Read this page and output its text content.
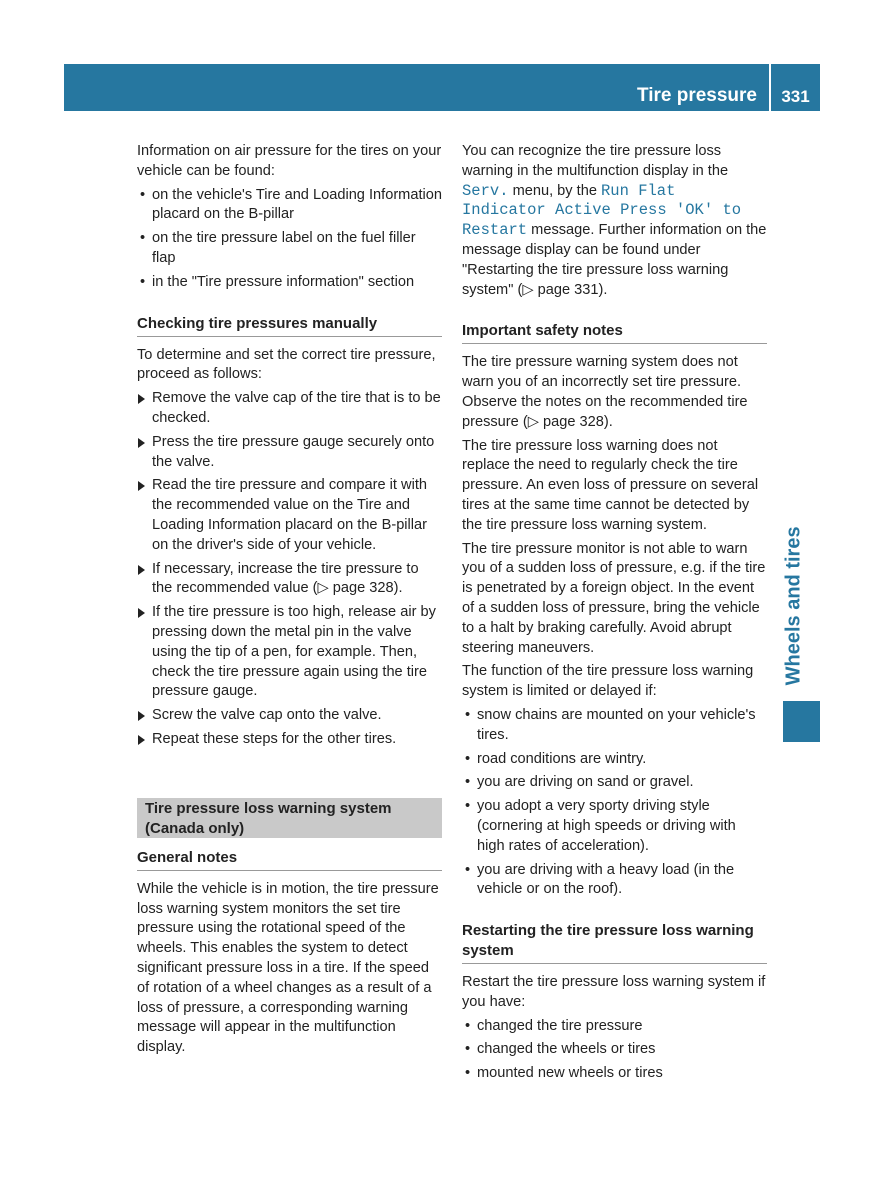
Tire pressure	331
Wheels and tires

Information on air pressure for the tires on your vehicle can be found:

• on the vehicle's Tire and Loading Information placard on the B-pillar
• on the tire pressure label on the fuel filler flap
• in the "Tire pressure information" section
Checking tire pressures manually

To determine and set the correct tire pressure, proceed as follows:

Remove the valve cap of the tire that is to be checked.
Press the tire pressure gauge securely onto the valve.
Read the tire pressure and compare it with the recommended value on the Tire and Loading Information placard on the B-pillar on the driver's side of your vehicle.
If necessary, increase the tire pressure to the recommended value (▷ page 328).
If the tire pressure is too high, release air by pressing down the metal pin in the valve using the tip of a pen, for example. Then, check the tire pressure again using the tire pressure gauge.
Screw the valve cap onto the valve.
Repeat these steps for the other tires.
Tire pressure loss warning system (Canada only)
General notes

While the vehicle is in motion, the tire pressure loss warning system monitors the set tire pressure using the rotational speed of the wheels. This enables the system to detect significant pressure loss in a tire. If the speed of rotation of a wheel changes as a result of a loss of pressure, a corresponding warning message will appear in the multifunction display.

You can recognize the tire pressure loss warning in the multifunction display in the Serv. menu, by the Run Flat Indicator Active Press 'OK' to Restart message. Further information on the message display can be found under "Restarting the tire pressure loss warning system" (▷ page 331).

Important safety notes

The tire pressure warning system does not warn you of an incorrectly set tire pressure. Observe the notes on the recommended tire pressure (▷ page 328).

The tire pressure loss warning does not replace the need to regularly check the tire pressure. An even loss of pressure on several tires at the same time cannot be detected by the tire pressure loss warning system.

The tire pressure monitor is not able to warn you of a sudden loss of pressure, e.g. if the tire is penetrated by a foreign object. In the event of a sudden loss of pressure, bring the vehicle to a halt by braking carefully. Avoid abrupt steering maneuvers.

The function of the tire pressure loss warning system is limited or delayed if:

• snow chains are mounted on your vehicle's tires.
• road conditions are wintry.
• you are driving on sand or gravel.
• you adopt a very sporty driving style (cornering at high speeds or driving with high rates of acceleration).
• you are driving with a heavy load (in the vehicle or on the roof).
Restarting the tire pressure loss warning system

Restart the tire pressure loss warning system if you have:

• changed the tire pressure
• changed the wheels or tires
• mounted new wheels or tires
